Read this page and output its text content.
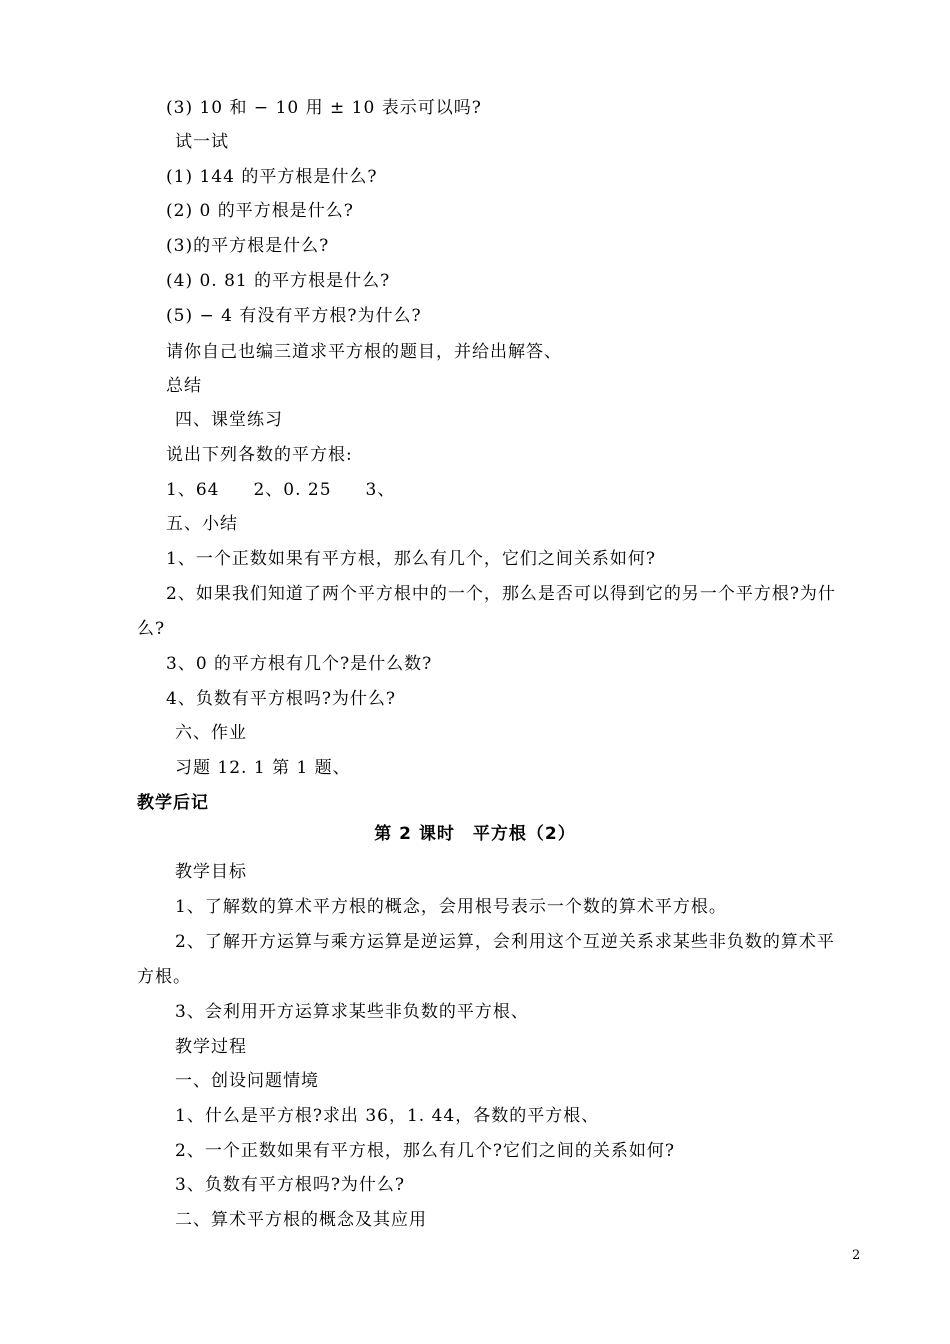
(3) 10 和 − 10 用 ± 10 表示可以吗?
试一试
(1) 144 的平方根是什么?
(2) 0 的平方根是什么?
(3)的平方根是什么?
(4) 0. 81 的平方根是什么?
(5) − 4 有没有平方根?为什么?
请你自己也编三道求平方根的题目，并给出解答、
总结
四、课堂练习
说出下列各数的平方根:
1、64 2、0. 25 3、
五、小结
1、一个正数如果有平方根，那么有几个，它们之间关系如何?
2、如果我们知道了两个平方根中的一个，那么是否可以得到它的另一个平方根?为什
么?
3、0 的平方根有几个?是什么数?
4、负数有平方根吗?为什么?
六、作业
习题 12. 1 第 1 题、
教学后记
第 2 课时　平方根（2）
教学目标
1、了解数的算术平方根的概念，会用根号表示一个数的算术平方根。
2、了解开方运算与乘方运算是逆运算，会利用这个互逆关系求某些非负数的算术平
方根。
3、会利用开方运算求某些非负数的平方根、
教学过程
一、创设问题情境
1、什么是平方根?求出 36，1. 44，各数的平方根、
2、一个正数如果有平方根，那么有几个?它们之间的关系如何?
3、负数有平方根吗?为什么?
二、算术平方根的概念及其应用
2
